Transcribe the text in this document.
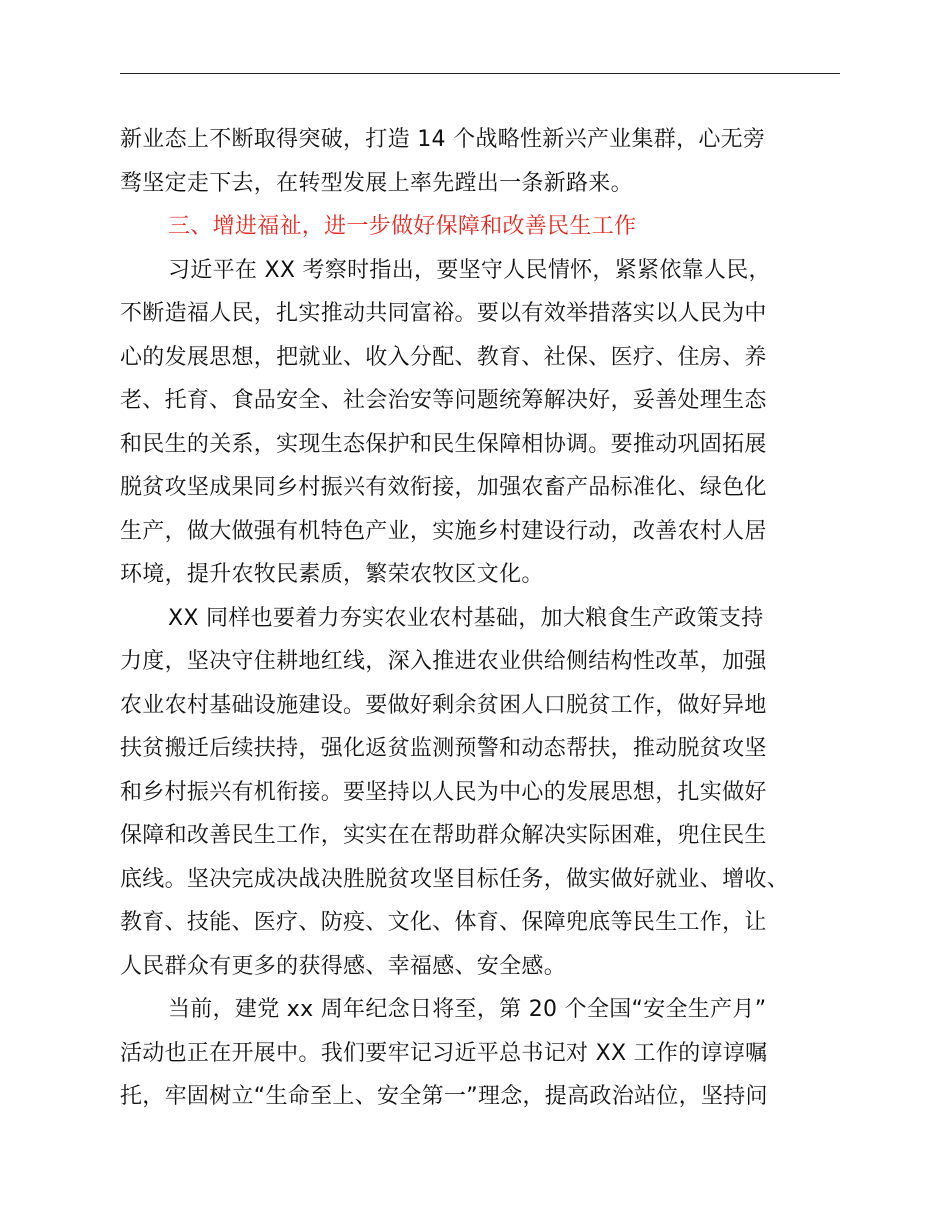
新业态上不断取得突破，打造 14 个战略性新兴产业集群，心无旁
骛坚定走下去，在转型发展上率先蹚出一条新路来。
三、增进福祉，进一步做好保障和改善民生工作
习近平在 XX 考察时指出，要坚守人民情怀，紧紧依靠人民，
不断造福人民，扎实推动共同富裕。要以有效举措落实以人民为中
心的发展思想，把就业、收入分配、教育、社保、医疗、住房、养
老、托育、食品安全、社会治安等问题统筹解决好，妥善处理生态
和民生的关系，实现生态保护和民生保障相协调。要推动巩固拓展
脱贫攻坚成果同乡村振兴有效衔接，加强农畜产品标准化、绿色化
生产，做大做强有机特色产业，实施乡村建设行动，改善农村人居
环境，提升农牧民素质，繁荣农牧区文化。
XX 同样也要着力夯实农业农村基础，加大粮食生产政策支持
力度，坚决守住耕地红线，深入推进农业供给侧结构性改革，加强
农业农村基础设施建设。要做好剩余贫困人口脱贫工作，做好异地
扶贫搬迁后续扶持，强化返贫监测预警和动态帮扶，推动脱贫攻坚
和乡村振兴有机衔接。要坚持以人民为中心的发展思想，扎实做好
保障和改善民生工作，实实在在帮助群众解决实际困难，兜住民生
底线。坚决完成决战决胜脱贫攻坚目标任务，做实做好就业、增收、
教育、技能、医疗、防疫、文化、体育、保障兜底等民生工作，让
人民群众有更多的获得感、幸福感、安全感。
当前，建党 xx 周年纪念日将至，第 20 个全国“安全生产月”
活动也正在开展中。我们要牢记习近平总书记对 XX 工作的谆谆嘱
托，牢固树立“生命至上、安全第一”理念，提高政治站位，坚持问
